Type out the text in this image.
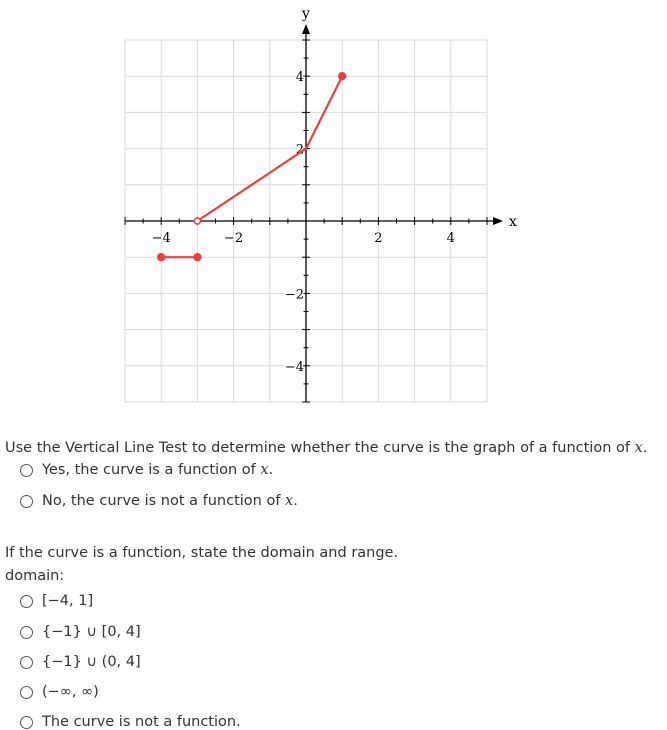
x
y
−4	−2	2	4
4
2
−2
−4
Use the Vertical Line Test to determine whether the curve is the graph of a function of x.
Yes, the curve is a function of x.
No, the curve is not a function of x.
If the curve is a function, state the domain and range.
domain:
[−4, 1]
{−1} ∪ [0, 4]
{−1} ∪ (0, 4]
(−∞, ∞)
The curve is not a function.
